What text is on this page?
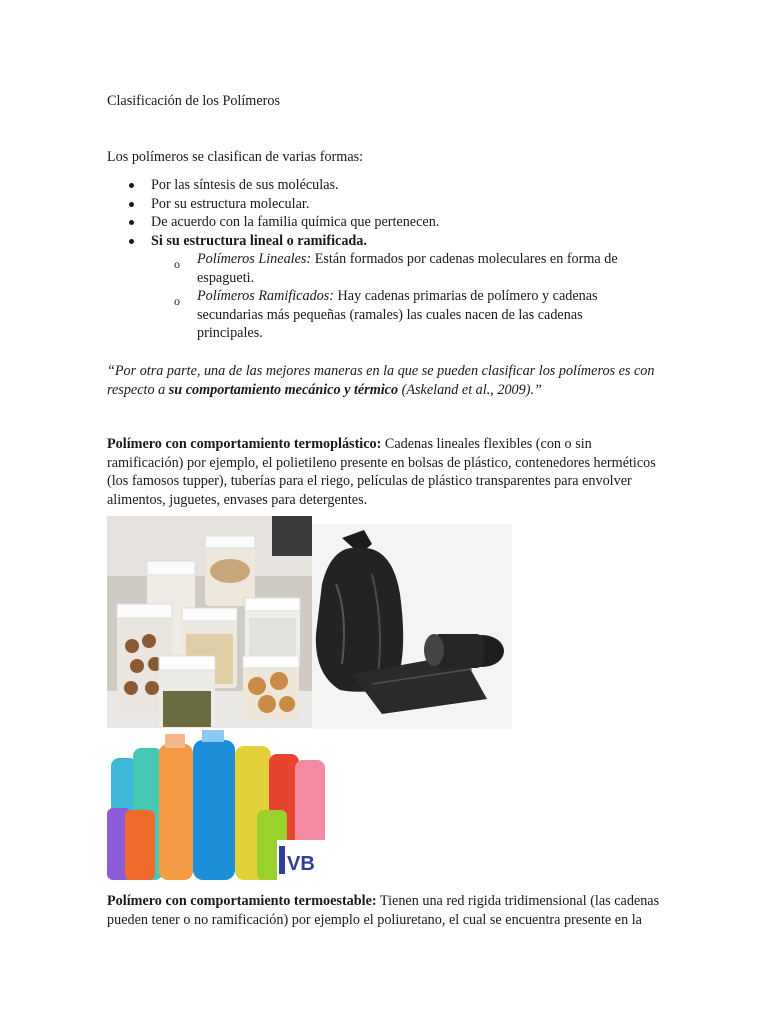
Clasificación de los Polímeros
Los polímeros se clasifican de varias formas:
Por las síntesis de sus moléculas.
Por su estructura molecular.
De acuerdo con la familia química que pertenecen.
Si su estructura lineal o ramificada.
o Polímeros Lineales: Están formados por cadenas moleculares en forma de espagueti.
o Polímeros Ramificados: Hay cadenas primarias de polímero y cadenas secundarias más pequeñas (ramales) las cuales nacen de las cadenas principales.
“Por otra parte, una de las mejores maneras en la que se pueden clasificar los polímeros es con respecto a su comportamiento mecánico y térmico (Askeland et al., 2009).”
Polímero con comportamiento termoplástico: Cadenas lineales flexibles (con o sin ramificación) por ejemplo, el polietileno presente en bolsas de plástico, contenedores herméticos (los famosos tupper), tuberías para el riego, películas de plástico transparentes para envolver alimentos, juguetes, envases para detergentes.
VB
Polímero con comportamiento termoestable: Tienen una red rigida tridimensional (las cadenas pueden tener o no ramificación) por ejemplo el poliuretano, el cual se encuentra presente en la
